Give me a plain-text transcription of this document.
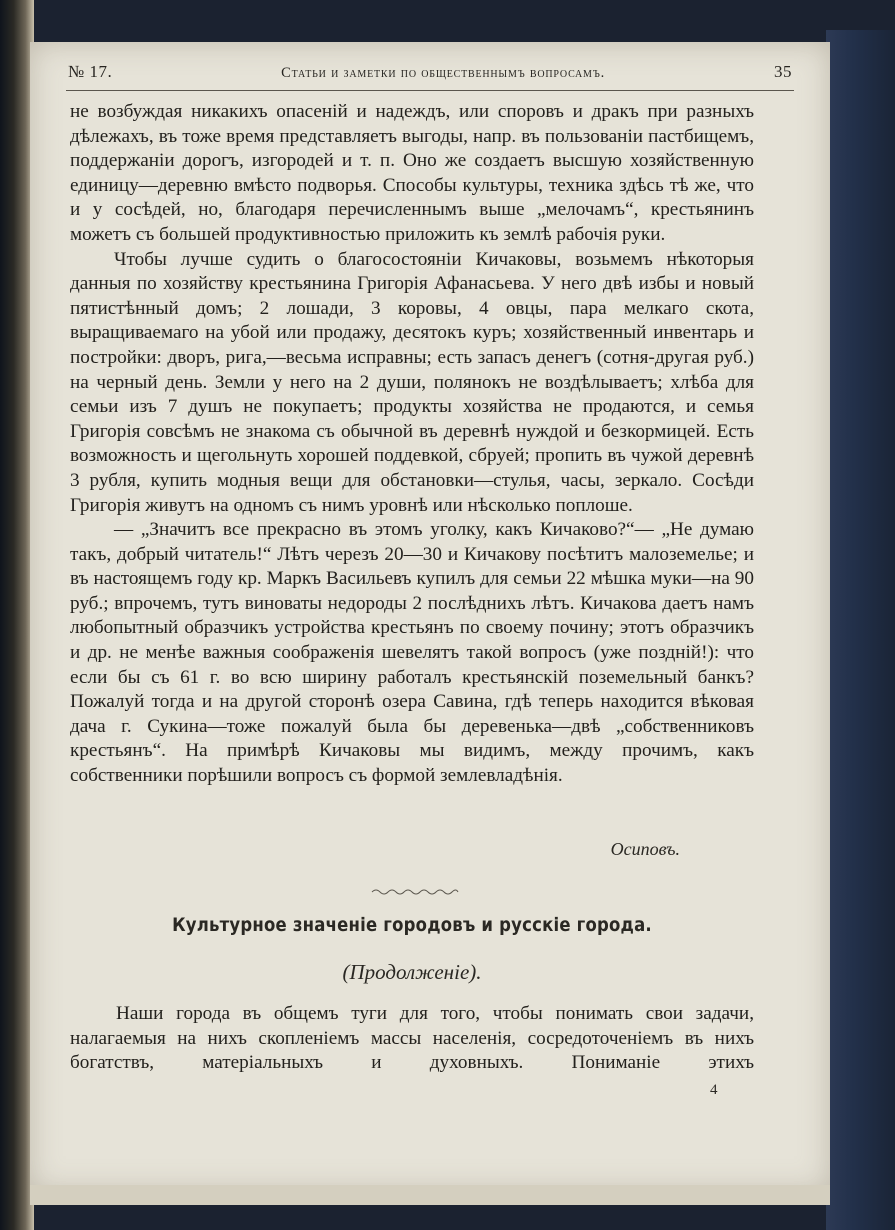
№ 17.	Статьи и заметки по общественнымъ вопросамъ.	35

не возбуждая никакихъ опасеній и надеждъ, или споровъ и дракъ при разныхъ дѣлежахъ, въ тоже время представляетъ выгоды, напр. въ пользованіи пастбищемъ, поддержаніи дорогъ, изгородей и т. п. Оно же создаетъ высшую хозяйственную единицу—деревню вмѣсто подворья. Способы культуры, техника здѣсь тѣ же, что и у сосѣдей, но, благодаря перечисленнымъ выше „мелочамъ“, крестьянинъ можетъ съ большей продуктивностью приложить къ землѣ рабочія руки.

Чтобы лучше судить о благосостояніи Кичаковы, возьмемъ нѣкоторыя данныя по хозяйству крестьянина Григорія Афанасьева. У него двѣ избы и новый пятистѣнный домъ; 2 лошади, 3 коровы, 4 овцы, пара мелкаго скота, выращиваемаго на убой или продажу, десятокъ куръ; хозяйственный инвентарь и постройки: дворъ, рига,—весьма исправны; есть запасъ денегъ (сотня-другая руб.) на черный день. Земли у него на 2 души, полянокъ не воздѣлываетъ; хлѣба для семьи изъ 7 душъ не покупаетъ; продукты хозяйства не продаются, и семья Григорія совсѣмъ не знакома съ обычной въ деревнѣ нуждой и безкормицей. Есть возможность и щегольнуть хорошей поддевкой, сбруей; пропить въ чужой деревнѣ 3 рубля, купить модныя вещи для обстановки—стулья, часы, зеркало. Сосѣди Григорія живутъ на одномъ съ нимъ уровнѣ или нѣсколько поплоше.

— „Значитъ все прекрасно въ этомъ уголку, какъ Кичаково?“— „Не думаю такъ, добрый читатель!“ Лѣтъ черезъ 20—30 и Кичакову посѣтитъ малоземелье; и въ настоящемъ году кр. Маркъ Васильевъ купилъ для семьи 22 мѣшка муки—на 90 руб.; впрочемъ, тутъ виноваты недороды 2 послѣднихъ лѣтъ. Кичакова даетъ намъ любопытный образчикъ устройства крестьянъ по своему почину; этотъ образчикъ и др. не менѣе важныя соображенія шевелятъ такой вопросъ (уже поздній!): что если бы съ 61 г. во всю ширину работалъ крестьянскій поземельный банкъ? Пожалуй тогда и на другой сторонѣ озера Савина, гдѣ теперь находится вѣковая дача г. Сукина—тоже пожалуй была бы деревенька—двѣ „собственниковъ крестьянъ“. На примѣрѣ Кичаковы мы видимъ, между прочимъ, какъ собственники порѣшили вопросъ съ формой землевладѣнія.

Осиповъ.
Культурное значеніе городовъ и русскіе города.
(Продолженіе).

Наши города въ общемъ туги для того, чтобы понимать свои задачи, налагаемыя на нихъ скопленіемъ массы населенія, сосредоточеніемъ въ нихъ богатствъ, матеріальныхъ и духовныхъ. Пониманіе этихъ

4
